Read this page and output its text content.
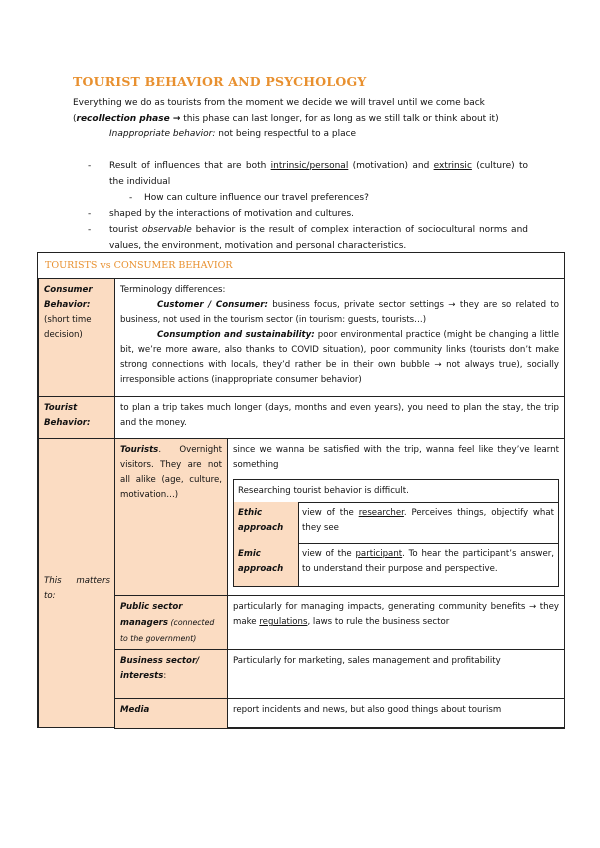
TOURIST BEHAVIOR AND PSYCHOLOGY
Everything we do as tourists from the moment we decide we will travel until we come back
(recollection phase → this phase can last longer, for as long as we still talk or think about it)
Inappropriate behavior: not being respectful to a place
- Result of influences that are both intrinsic/personal (motivation) and extrinsic (culture) to the individual
- How can culture influence our travel preferences?
- shaped by the interactions of motivation and cultures.
- tourist observable behavior is the result of complex interaction of sociocultural norms and values, the environment, motivation and personal characteristics.
TOURISTS vs CONSUMER BEHAVIOR
Consumer Behavior:
(short time decision)
Terminology differences:
Customer / Consumer: business focus, private sector settings → they are so related to business, not used in the tourism sector (in tourism: guests, tourists…)
Consumption and sustainability: poor environmental practice (might be changing a little bit, we’re more aware, also thanks to COVID situation), poor community links (tourists don’t make strong connections with locals, they’d rather be in their own bubble → not always true), socially irresponsible actions (inappropriate consumer behavior)
Tourist Behavior:
to plan a trip takes much longer (days, months and even years), you need to plan the stay, the trip and the money.
This matters to:
Tourists. Overnight visitors. They are not all alike (age, culture, motivation…)
since we wanna be satisfied with the trip, wanna feel like they’ve learnt something
Researching tourist behavior is difficult.
Ethic approach
view of the researcher. Perceives things, objectify what they see
Emic approach
view of the participant. To hear the participant’s answer, to understand their purpose and perspective.
Public sector managers (connected to the government)
particularly for managing impacts, generating community benefits → they make regulations, laws to rule the business sector
Business sector/ interests:
Particularly for marketing, sales management and profitability
Media	report incidents and news, but also good things about tourism
